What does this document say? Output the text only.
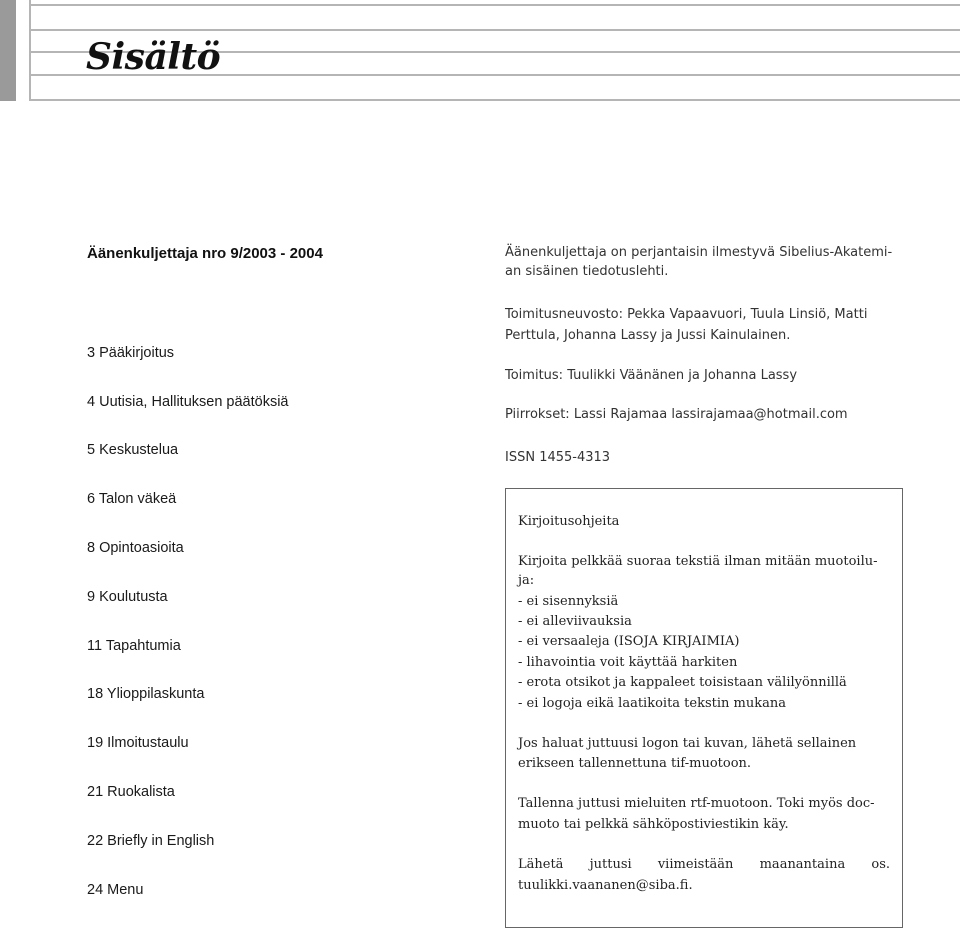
Sisältö

Äänenkuljettaja nro 9/2003 - 2004

3 Pääkirjoitus
4 Uutisia, Hallituksen päätöksiä
5 Keskustelua
6 Talon väkeä
8 Opintoasioita
9 Koulutusta
11 Tapahtumia
18 Ylioppilaskunta
19 Ilmoitustaulu
21 Ruokalista
22 Briefly in English
24 Menu

Äänenkuljettaja on perjantaisin ilmestyvä Sibelius-Akatemi-

an sisäinen tiedotuslehti.

Toimitusneuvosto: Pekka Vapaavuori, Tuula Linsiö, Matti

Perttula, Johanna Lassy ja Jussi Kainulainen.

Toimitus: Tuulikki Väänänen ja Johanna Lassy

Piirrokset: Lassi Rajamaa lassirajamaa@hotmail.com

ISSN 1455-4313

Kirjoitusohjeita

Kirjoita pelkkää suoraa tekstiä ilman mitään muotoilu-

ja:

- ei sisennyksiä

- ei alleviivauksia

- ei versaaleja (ISOJA KIRJAIMIA)

- lihavointia voit käyttää harkiten

- erota otsikot ja kappaleet toisistaan välilyönnillä

- ei logoja eikä laatikoita tekstin mukana

Jos haluat juttuusi logon tai kuvan, lähetä sellainen

erikseen tallennettuna tif-muotoon.

Tallenna juttusi mieluiten rtf-muotoon. Toki myös doc-

muoto tai pelkkä sähköpostiviestikin käy.

Lähetä juttusi viimeistään maanantaina os.

tuulikki.vaananen@siba.fi.
